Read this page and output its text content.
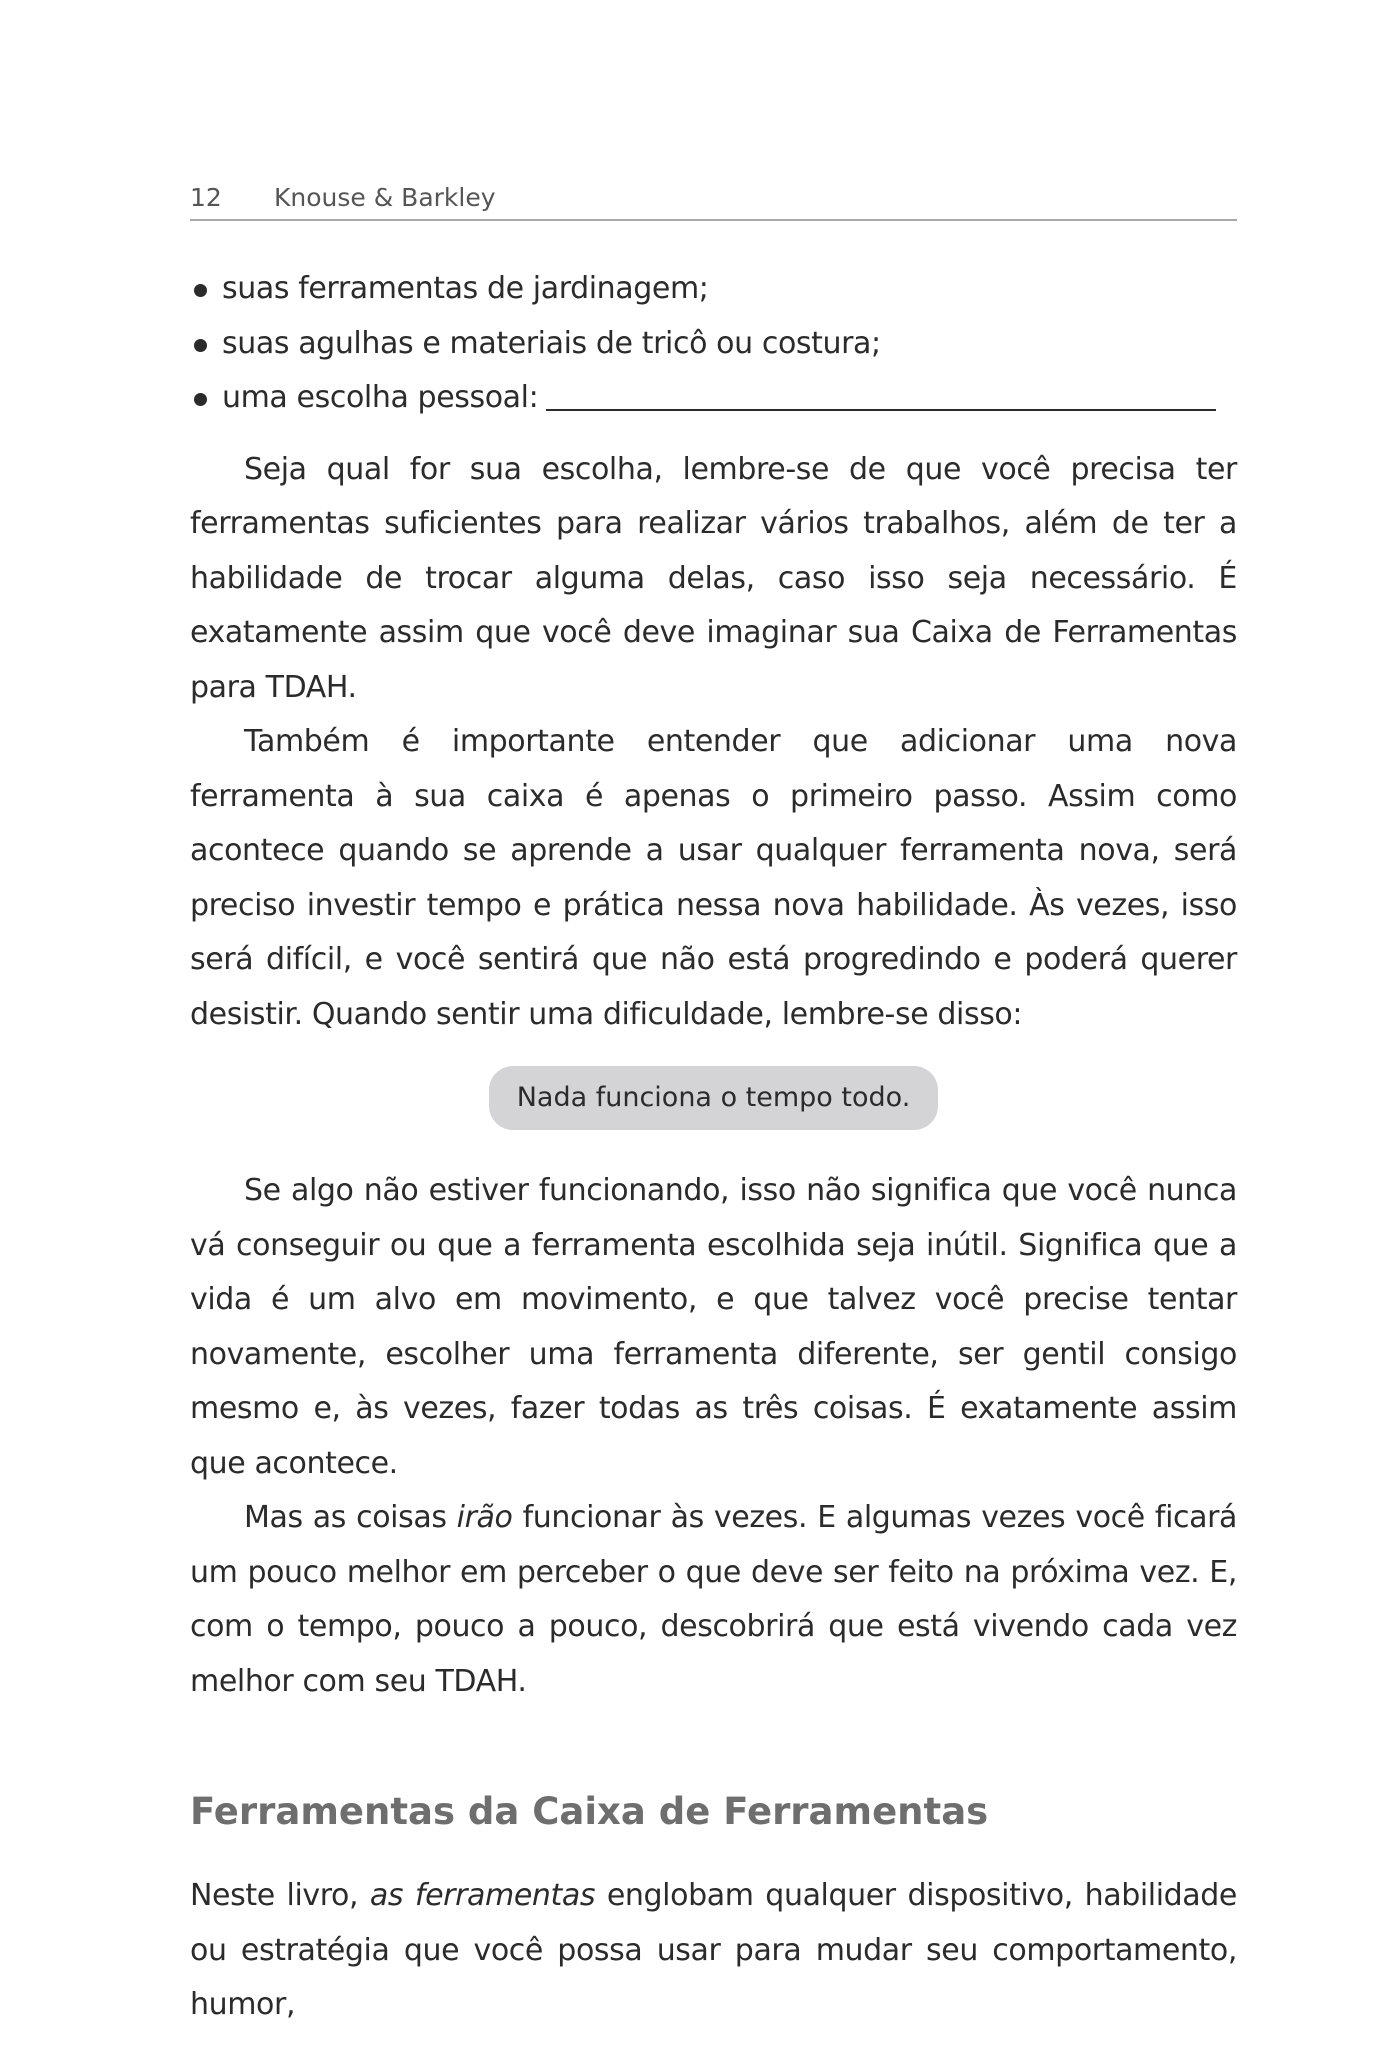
12 Knouse & Barkley
suas ferramentas de jardinagem;
suas agulhas e materiais de tricô ou costura;
uma escolha pessoal:

Seja qual for sua escolha, lembre-se de que você precisa ter ferramentas suficientes para realizar vários trabalhos, além de ter a habilidade de trocar alguma delas, caso isso seja necessário. É exatamente assim que você deve imaginar sua Caixa de Ferramentas para TDAH.

Também é importante entender que adicionar uma nova ferramenta à sua caixa é apenas o primeiro passo. Assim como acontece quando se aprende a usar qualquer ferramenta nova, será preciso investir tempo e prática nessa nova habilidade. Às vezes, isso será difícil, e você sentirá que não está progredindo e poderá querer desistir. Quando sentir uma dificuldade, lembre-se disso:

Nada funciona o tempo todo.

Se algo não estiver funcionando, isso não significa que você nunca vá conseguir ou que a ferramenta escolhida seja inútil. Significa que a vida é um alvo em movimento, e que talvez você precise tentar novamente, escolher uma ferramenta diferente, ser gentil consigo mesmo e, às vezes, fazer todas as três coisas. É exatamente assim que acontece.

Mas as coisas irão funcionar às vezes. E algumas vezes você ficará um pouco melhor em perceber o que deve ser feito na próxima vez. E, com o tempo, pouco a pouco, descobrirá que está vivendo cada vez melhor com seu TDAH.

Ferramentas da Caixa de Ferramentas

Neste livro, as ferramentas englobam qualquer dispositivo, habilidade ou estratégia que você possa usar para mudar seu comportamento, humor,
